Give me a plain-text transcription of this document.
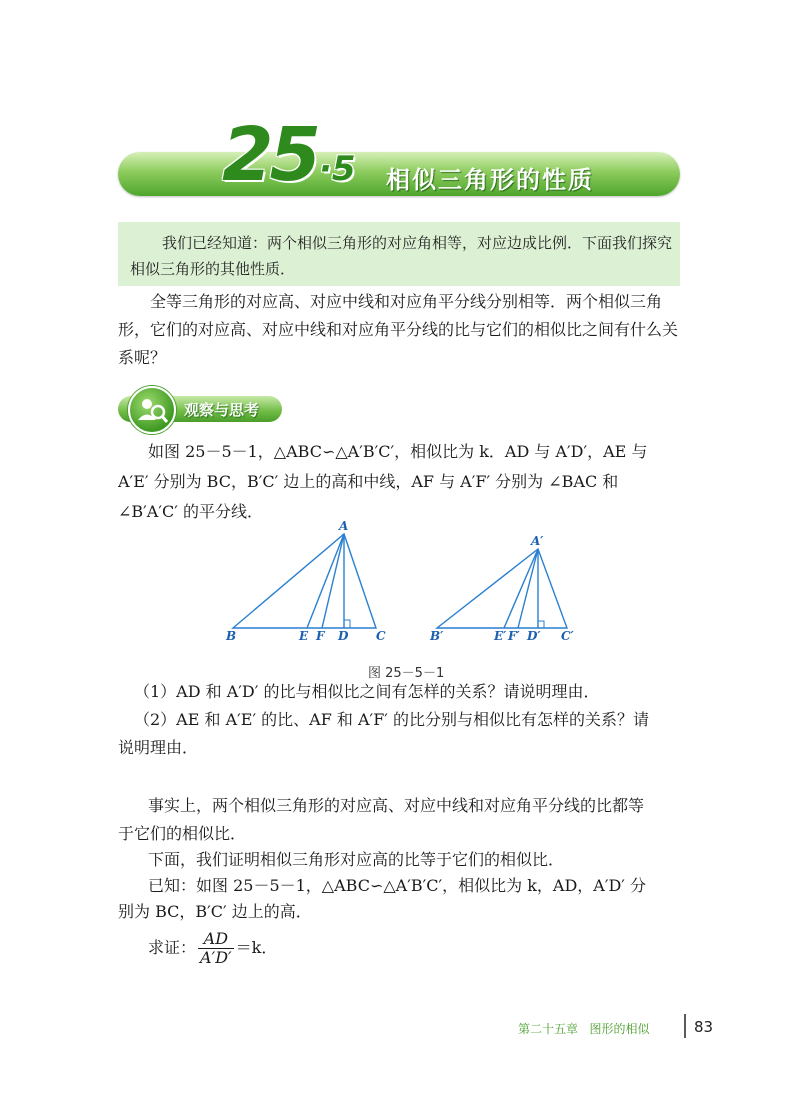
25·5 相似三角形的性质
我们已经知道：两个相似三角形的对应角相等，对应边成比例．下面我们探究相似三角形的其他性质．
全等三角形的对应高、对应中线和对应角平分线分别相等．两个相似三角形，它们的对应高、对应中线和对应角平分线的比与它们的相似比之间有什么关系呢？
观察与思考
如图 25－5－1，△ABC∽△A′B′C′，相似比为 k．AD 与 A′D′，AE 与
A′E′ 分别为 BC，B′C′ 边上的高和中线，AF 与 A′F′ 分别为 ∠BAC 和
∠B′A′C′ 的平分线．
A
B	E F D C
A′
B′	E′ F′ D′ C′
图 25－5－1
（1）AD 和 A′D′ 的比与相似比之间有怎样的关系？请说明理由．
（2）AE 和 A′E′ 的比、AF 和 A′F′ 的比分别与相似比有怎样的关系？请
说明理由．
事实上，两个相似三角形的对应高、对应中线和对应角平分线的比都等
于它们的相似比．
下面，我们证明相似三角形对应高的比等于它们的相似比．
已知：如图 25－5－1，△ABC∽△A′B′C′，相似比为 k，AD，A′D′ 分
别为 BC，B′C′ 边上的高．
求证： $\frac{AD}{A'D'} =k$．
第二十五章 图形的相似	83
